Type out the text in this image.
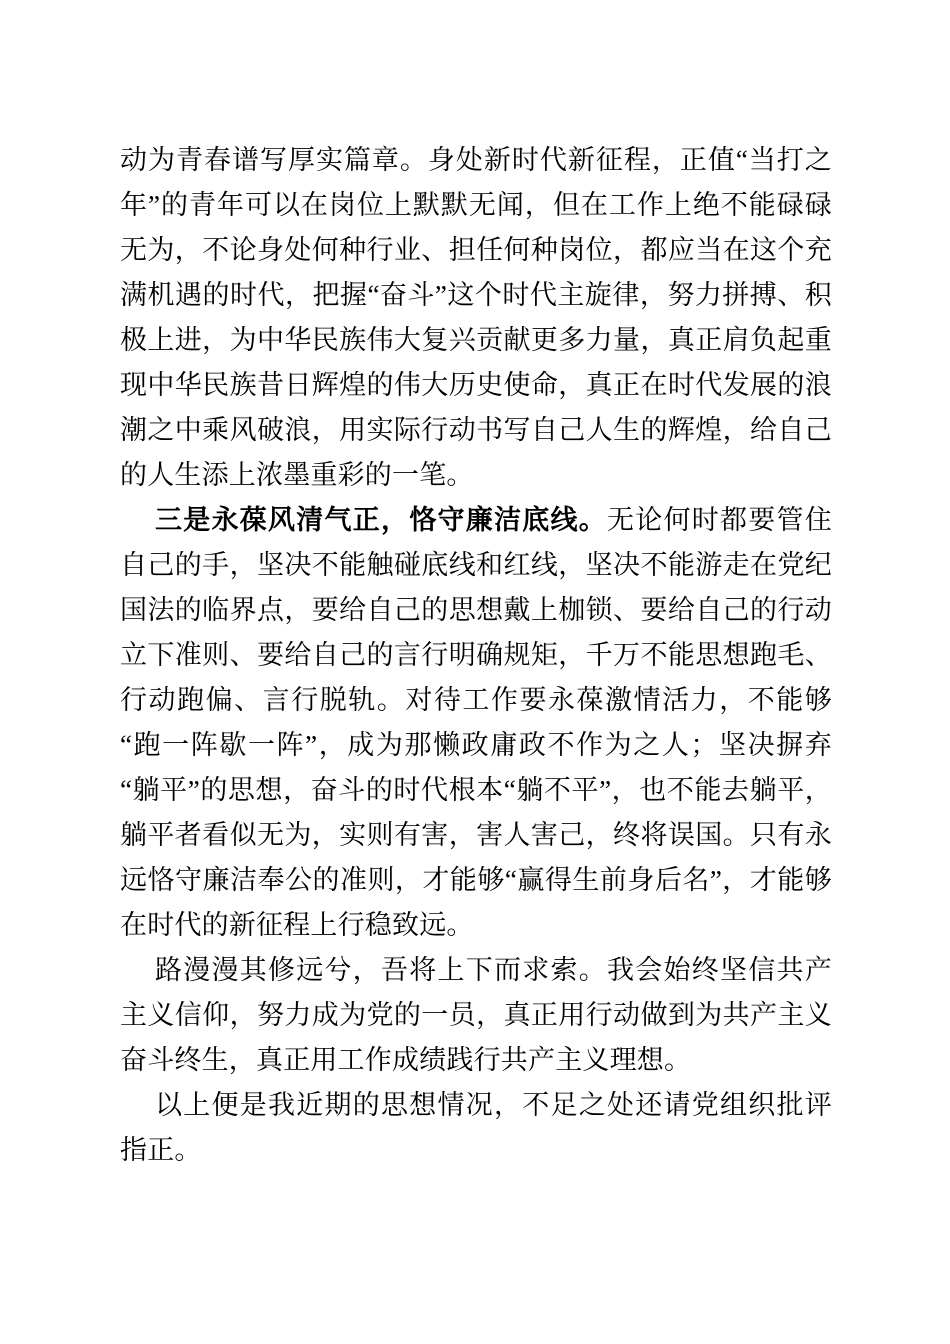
动为青春谱写厚实篇章。身处新时代新征程，正值“当打之年”的青年可以在岗位上默默无闻，但在工作上绝不能碌碌无为，不论身处何种行业、担任何种岗位，都应当在这个充满机遇的时代，把握“奋斗”这个时代主旋律，努力拼搏、积极上进，为中华民族伟大复兴贡献更多力量，真正肩负起重现中华民族昔日辉煌的伟大历史使命，真正在时代发展的浪潮之中乘风破浪，用实际行动书写自己人生的辉煌，给自己的人生添上浓墨重彩的一笔。

三是永葆风清气正，恪守廉洁底线。无论何时都要管住自己的手，坚决不能触碰底线和红线，坚决不能游走在党纪国法的临界点，要给自己的思想戴上枷锁、要给自己的行动立下准则、要给自己的言行明确规矩，千万不能思想跑毛、行动跑偏、言行脱轨。对待工作要永葆激情活力，不能够“跑一阵歇一阵”，成为那懒政庸政不作为之人；坚决摒弃“躺平”的思想，奋斗的时代根本“躺不平”，也不能去躺平，躺平者看似无为，实则有害，害人害己，终将误国。只有永远恪守廉洁奉公的准则，才能够“赢得生前身后名”，才能够在时代的新征程上行稳致远。

路漫漫其修远兮，吾将上下而求索。我会始终坚信共产主义信仰，努力成为党的一员，真正用行动做到为共产主义奋斗终生，真正用工作成绩践行共产主义理想。

以上便是我近期的思想情况，不足之处还请党组织批评指正。
